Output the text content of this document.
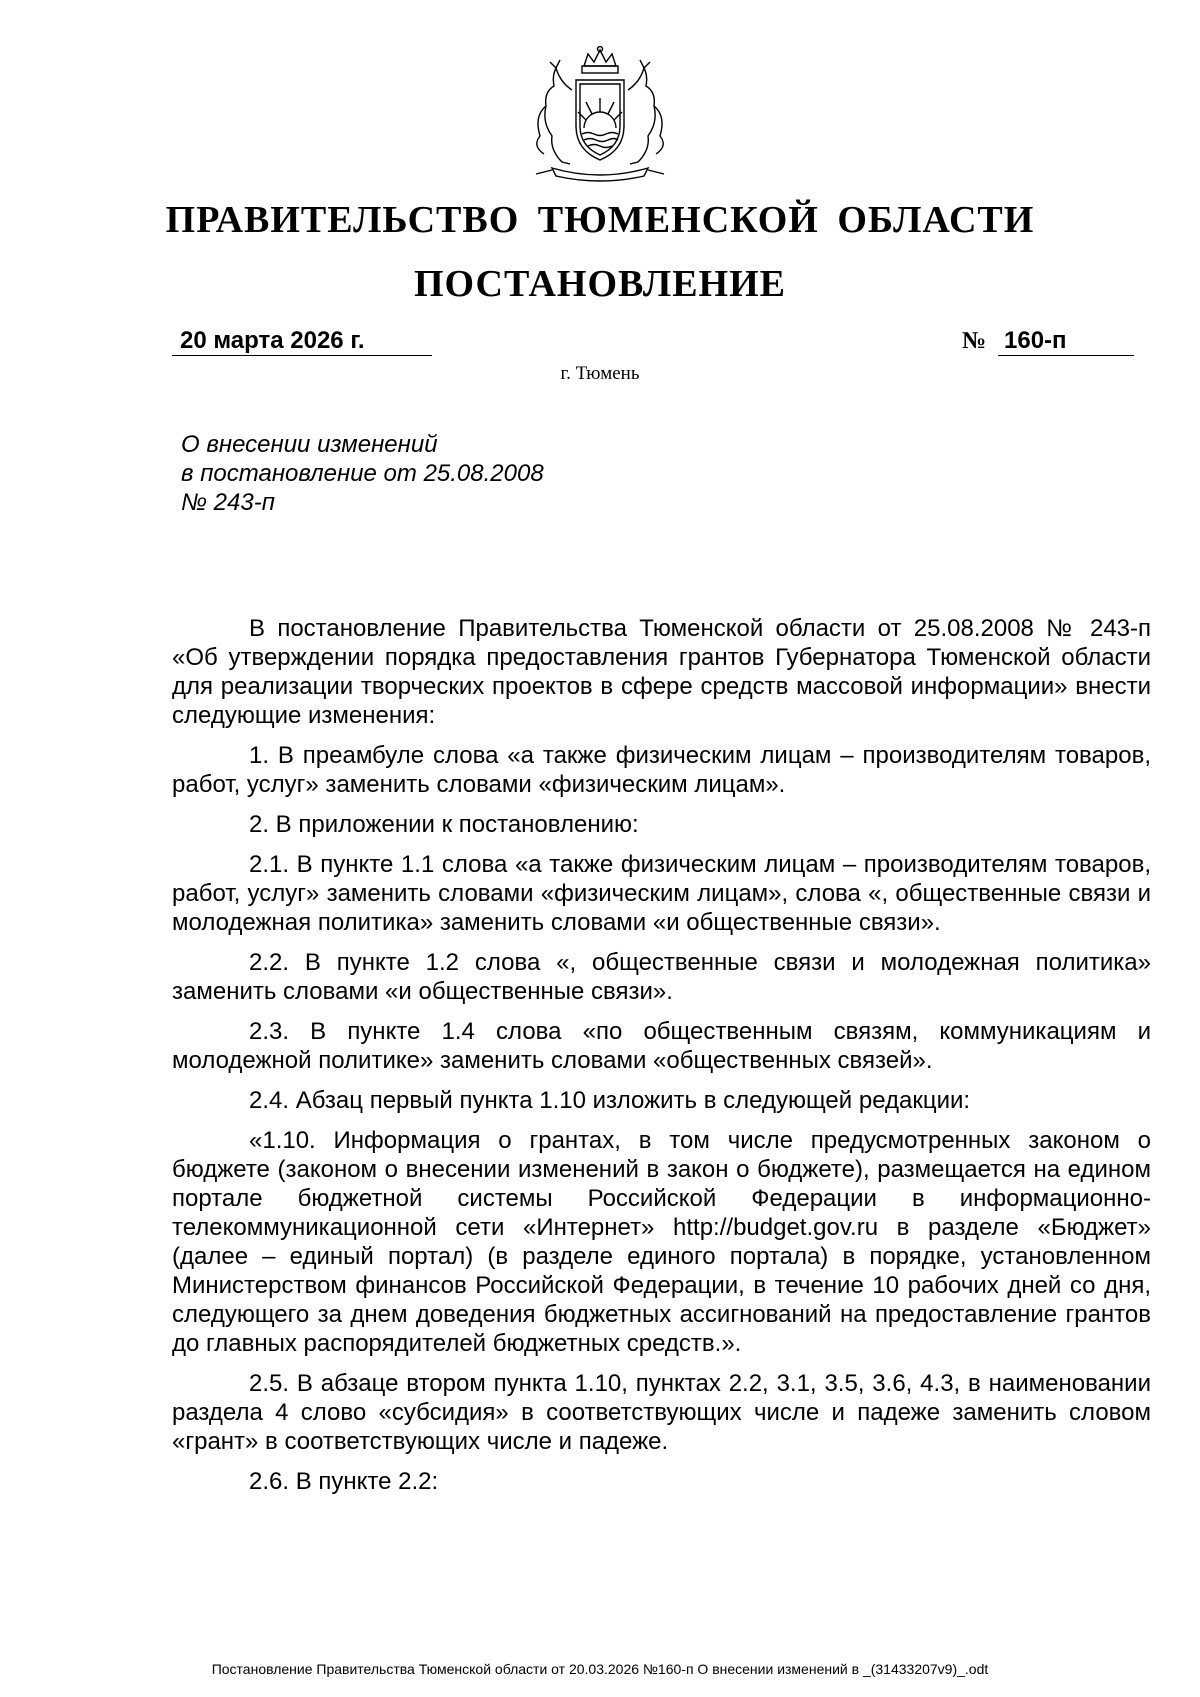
ПРАВИТЕЛЬСТВО ТЮМЕНСКОЙ ОБЛАСТИ
ПОСТАНОВЛЕНИЕ
20 марта 2026 г.	№ 160-п
г. Тюмень
О внесении изменений
в постановление от 25.08.2008
№ 243-п

В постановление Правительства Тюменской области от 25.08.2008 № 243-п «Об утверждении порядка предоставления грантов Губернатора Тюменской области для реализации творческих проектов в сфере средств массовой информации» внести следующие изменения:

1. В преамбуле слова «а также физическим лицам – производителям товаров, работ, услуг» заменить словами «физическим лицам».

2. В приложении к постановлению:

2.1. В пункте 1.1 слова «а также физическим лицам – производителям товаров, работ, услуг» заменить словами «физическим лицам», слова «, общественные связи и молодежная политика» заменить словами «и общественные связи».

2.2. В пункте 1.2 слова «, общественные связи и молодежная политика» заменить словами «и общественные связи».

2.3. В пункте 1.4 слова «по общественным связям, коммуникациям и молодежной политике» заменить словами «общественных связей».

2.4. Абзац первый пункта 1.10 изложить в следующей редакции:

«1.10. Информация о грантах, в том числе предусмотренных законом о бюджете (законом о внесении изменений в закон о бюджете), размещается на едином портале бюджетной системы Российской Федерации в информационно-телекоммуникационной сети «Интернет» http://budget.gov.ru в разделе «Бюджет» (далее – единый портал) (в разделе единого портала) в порядке, установленном Министерством финансов Российской Федерации, в течение 10 рабочих дней со дня, следующего за днем доведения бюджетных ассигнований на предоставление грантов до главных распорядителей бюджетных средств.».

2.5. В абзаце втором пункта 1.10, пунктах 2.2, 3.1, 3.5, 3.6, 4.3, в наименовании раздела 4 слово «субсидия» в соответствующих числе и падеже заменить словом «грант» в соответствующих числе и падеже.

2.6. В пункте 2.2:

Постановление Правительства Тюменской области от 20.03.2026 №160-п О внесении изменений в _(31433207v9)_.odt
